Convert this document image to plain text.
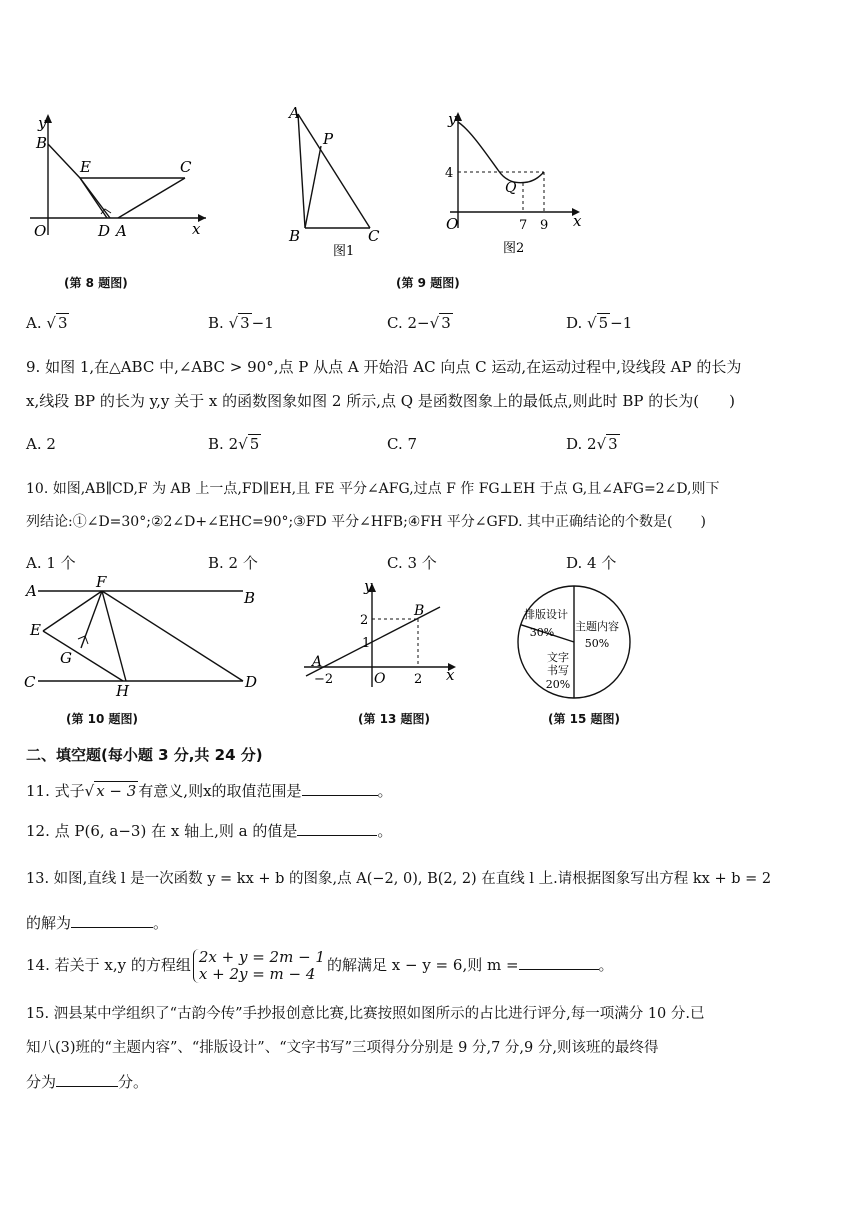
y
B
E	C
O	D A	x
(第 8 题图)
A
P
B	C
图1
y
4
Q
O	7 9 x
图2
(第 9 题图)
A. √ 3	B. √ 3 −1	C. 2−√ 3	D. √ 5 −1
9. 如图 1,在△ABC 中,∠ABC > 90°,点 P 从点 A 开始沿 AC 向点 C 运动,在运动过程中,设线段 AP 的长为
x,线段 BP 的长为 y,y 关于 x 的函数图象如图 2 所示,点 Q 是函数图象上的最低点,则此时 BP 的长为(　　)
A. 2	B. 2√ 5	C. 7	D. 2√ 3
10. 如图,AB∥CD,F 为 AB 上一点,FD∥EH,且 FE 平分∠AFG,过点 F 作 FG⊥EH 于点 G,且∠AFG=2∠D,则下
列结论:①∠D=30°;②2∠D+∠EHC=90°;③FD 平分∠HFB;④FH 平分∠GFD. 其中正确结论的个数是(　　)
A. 1 个	B. 2 个	C. 3 个	D. 4 个
A	F
B
E
G
C	H	D
(第 10 题图)
y
B
2
1
A
−2	O 2 x
(第 13 题图)
主题内容
50%
排版设计
30%
文字
书写
20%
(第 15 题图)
二、填空题(每小题 3 分,共 24 分)
11. 式子√ x − 3 有意义,则x的取值范围是	。
12. 点 P(6, a−3) 在 x 轴上,则 a 的值是	。
13. 如图,直线 l 是一次函数 y = kx + b 的图象,点 A(−2, 0), B(2, 2) 在直线 l 上.请根据图象写出方程 kx + b = 2
的解为	。
14. 若关于 x,y 的方程组 2x + y = 2m − 1
x + 2y = m − 4 的解满足 x − y = 6,则 m =	。
15. 泗县某中学组织了“古韵今传”手抄报创意比赛,比赛按照如图所示的占比进行评分,每一项满分 10 分.已
知八(3)班的“主题内容”、“排版设计”、“文字书写”三项得分分别是 9 分,7 分,9 分,则该班的最终得
分为	分。
